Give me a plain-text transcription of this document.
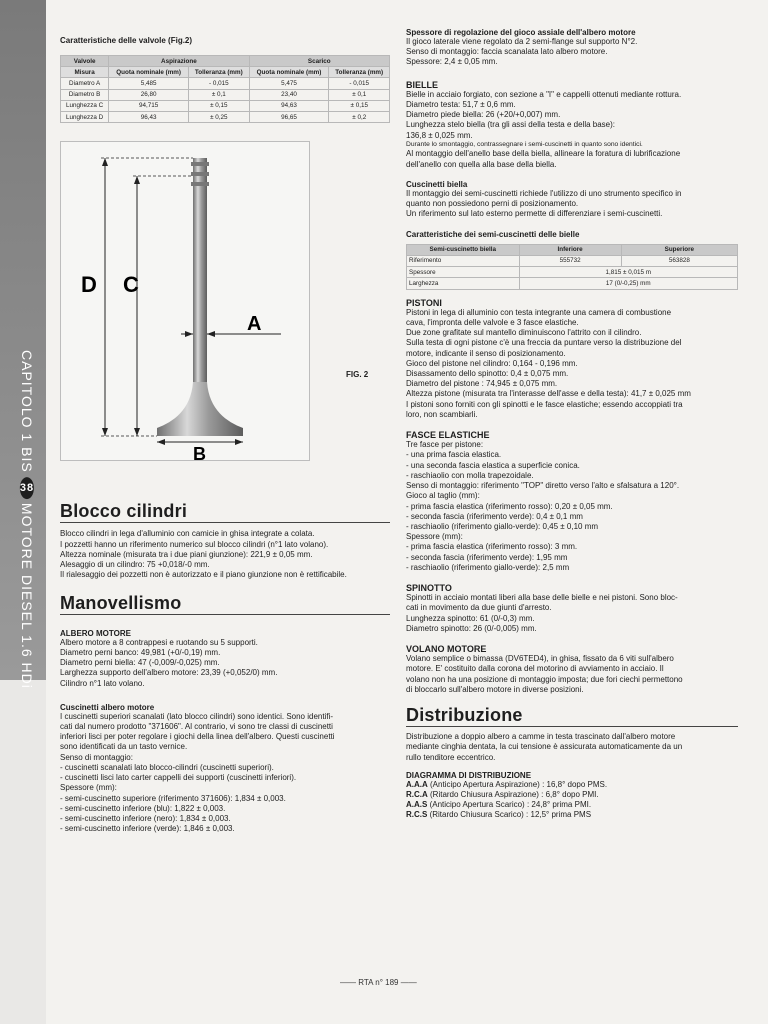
CAPITOLO 1 BIS
38
MOTORE DIESEL 1.6 HDi
Caratteristiche delle valvole (Fig.2)
Valvole	Aspirazione		Scarico	
Misura	Quota nominale (mm)	Tolleranza (mm)	Quota nominale (mm)	Tolleranza (mm)
Diametro A	5,485	- 0,015	5,475	- 0,015
Diametro B	26,80	± 0,1	23,40	± 0,1
Lunghezza C	94,715	± 0,15	94,63	± 0,15
Lunghezza D	96,43	± 0,25	96,65	± 0,2
D C
A
B
FIG. 2
Blocco cilindri

Blocco cilindri in lega d'alluminio con camicie in ghisa integrate a colata.

I pozzetti hanno un riferimento numerico sul blocco cilindri (n°1 lato volano).

Altezza nominale (misurata tra i due piani giunzione): 221,9 ± 0,05 mm.

Alesaggio di un cilindro: 75 +0,018/-0 mm.

Il rialesaggio dei pozzetti non è autorizzato e il piano giunzione non è rettificabile.

Manovellismo
ALBERO MOTORE

Albero motore a 8 contrappesi e ruotando su 5 supporti.

Diametro perni banco: 49,981 (+0/-0,19) mm.

Diametro perni biella: 47 (-0,009/-0,025) mm.

Larghezza supporto dell'albero motore: 23,39 (+0,052/0) mm.

Cilindro n°1 lato volano.

Cuscinetti albero motore

I cuscinetti superiori scanalati (lato blocco cilindri) sono identici. Sono identifi-

cati dal numero prodotto "371606". Al contrario, vi sono tre classi di cuscinetti

inferiori lisci per poter regolare i giochi della linea dell'albero. Questi cuscinetti

sono identificati da un tasto vernice.

Senso di montaggio:

- cuscinetti scanalati lato blocco-cilindri (cuscinetti superiori).

- cuscinetti lisci lato carter cappelli dei supporti (cuscinetti inferiori).

Spessore (mm):

- semi-cuscinetto superiore (riferimento 371606): 1,834 ± 0,003.

- semi-cuscinetto inferiore (blu): 1,822 ± 0,003.

- semi-cuscinetto inferiore (nero): 1,834 ± 0,003.

- semi-cuscinetto inferiore (verde): 1,846 ± 0,003.

Spessore di regolazione del gioco assiale dell'albero motore

Il gioco laterale viene regolato da 2 semi-flange sul supporto N°2.

Senso di montaggio: faccia scanalata lato albero motore.

Spessore: 2,4 ± 0,05 mm.

BIELLE

Bielle in acciaio forgiato, con sezione a "I" e cappelli ottenuti mediante rottura.

Diametro testa: 51,7 ± 0,6 mm.

Diametro piede biella: 26 (+20/+0,007) mm.

Lunghezza stelo biella (tra gli assi della testa e della base):

136,8 ± 0,025 mm.

Durante lo smontaggio, contrassegnare i semi-cuscinetti in quanto sono identici.

Al montaggio dell'anello base della biella, allineare la foratura di lubrificazione

dell'anello con quella alla base della biella.

Cuscinetti biella

Il montaggio dei semi-cuscinetti richiede l'utilizzo di uno strumento specifico in

quanto non possiedono perni di posizionamento.

Un riferimento sul lato esterno permette di differenziare i semi-cuscinetti.

Caratteristiche dei semi-cuscinetti delle bielle
Semi-cuscinetto biella	Inferiore	Superiore
Riferimento	555732	563828
Spessore	1,815 ± 0,015 m	
Larghezza	17 (0/-0,25) mm	
PISTONI

Pistoni in lega di alluminio con testa integrante una camera di combustione

cava, l'impronta delle valvole e 3 fasce elastiche.

Due zone grafitate sul mantello diminuiscono l'attrito con il cilindro.

Sulla testa di ogni pistone c'è una freccia da puntare verso la distribuzione del

motore, indicante il senso di posizionamento.

Gioco del pistone nel cilindro: 0,164 - 0,196 mm.

Disassamento dello spinotto: 0,4 ± 0,075 mm.

Diametro del pistone : 74,945 ± 0,075 mm.

Altezza pistone (misurata tra l'interasse dell'asse e della testa): 41,7 ± 0,025 mm

I pistoni sono forniti con gli spinotti e le fasce elastiche; essendo accoppiati tra

loro, non scambiarli.

FASCE ELASTICHE

Tre fasce per pistone:

- una prima fascia elastica.

- una seconda fascia elastica a superficie conica.

- raschiaolio con molla trapezoidale.

Senso di montaggio: riferimento "TOP" diretto verso l'alto e sfalsatura a 120°.

Gioco al taglio (mm):

- prima fascia elastica (riferimento rosso): 0,20 ± 0,05 mm.

- seconda fascia (riferimento verde): 0,4 ± 0,1 mm

- raschiaolio (riferimento giallo-verde): 0,45 ± 0,10 mm

Spessore (mm):

- prima fascia elastica (riferimento rosso): 3 mm.

- seconda fascia (riferimento verde): 1,95 mm

- raschiaolio (riferimento giallo-verde): 2,5 mm

SPINOTTO

Spinotti in acciaio montati liberi alla base delle bielle e nei pistoni. Sono bloc-

cati in movimento da due giunti d'arresto.

Lunghezza spinotto: 61 (0/-0,3) mm.

Diametro spinotto: 26 (0/-0,005) mm.

VOLANO MOTORE

Volano semplice o bimassa (DV6TED4), in ghisa, fissato da 6 viti sull'albero

motore. E' costituito dalla corona del motorino di avviamento in acciaio. Il

volano non ha una posizione di montaggio imposta; due fori ciechi permettono

di bloccarlo sull'albero motore in diverse posizioni.

Distribuzione

Distribuzione a doppio albero a camme in testa trascinato dall'albero motore

mediante cinghia dentata, la cui tensione è assicurata automaticamente da un

rullo tenditore eccentrico.

DIAGRAMMA DI DISTRIBUZIONE

A.A.A (Anticipo Apertura Aspirazione) : 16,8° dopo PMS.

R.C.A (Ritardo Chiusura Aspirazione) : 6,8° dopo PMI.

A.A.S (Anticipo Apertura Scarico) : 24,8° prima PMI.

R.C.S (Ritardo Chiusura Scarico) : 12,5° prima PMS

—— RTA n° 189 ——
